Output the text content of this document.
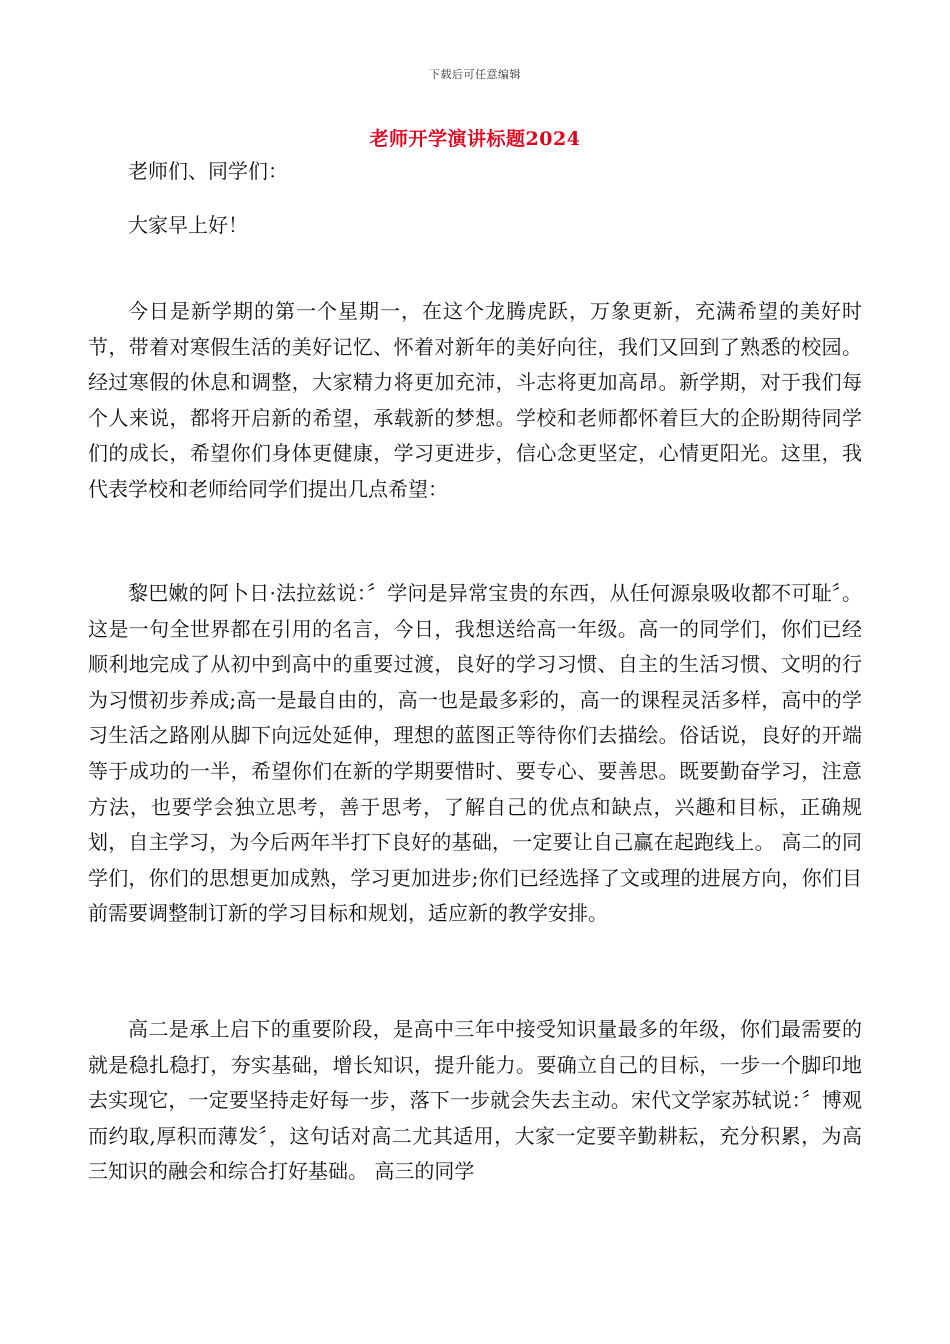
下载后可任意编辑
老师开学演讲标题2024

老师们、同学们：

大家早上好！

今日是新学期的第一个星期一，在这个龙腾虎跃，万象更新，充满希望的美好时节，带着对寒假生活的美好记忆、怀着对新年的美好向往，我们又回到了熟悉的校园。经过寒假的休息和调整，大家精力将更加充沛，斗志将更加高昂。新学期，对于我们每个人来说，都将开启新的希望，承载新的梦想。学校和老师都怀着巨大的企盼期待同学们的成长，希望你们身体更健康，学习更进步，信心念更坚定，心情更阳光。这里，我代表学校和老师给同学们提出几点希望：

黎巴嫩的阿卜日·法拉兹说：〞学问是异常宝贵的东西，从任何源泉吸收都不可耻〞。这是一句全世界都在引用的名言，今日，我想送给高一年级。高一的同学们，你们已经顺利地完成了从初中到高中的重要过渡，良好的学习习惯、自主的生活习惯、文明的行为习惯初步养成;高一是最自由的，高一也是最多彩的，高一的课程灵活多样，高中的学习生活之路刚从脚下向远处延伸，理想的蓝图正等待你们去描绘。俗话说，良好的开端等于成功的一半，希望你们在新的学期要惜时、要专心、要善思。既要勤奋学习，注意方法，也要学会独立思考，善于思考，了解自己的优点和缺点，兴趣和目标，正确规划，自主学习，为今后两年半打下良好的基础，一定要让自己赢在起跑线上。 高二的同学们，你们的思想更加成熟，学习更加进步;你们已经选择了文或理的进展方向，你们目前需要调整制订新的学习目标和规划，适应新的教学安排。

高二是承上启下的重要阶段，是高中三年中接受知识量最多的年级，你们最需要的就是稳扎稳打，夯实基础，增长知识，提升能力。要确立自己的目标，一步一个脚印地去实现它，一定要坚持走好每一步，落下一步就会失去主动。宋代文学家苏轼说：〞博观而约取,厚积而薄发〞，这句话对高二尤其适用，大家一定要辛勤耕耘，充分积累，为高三知识的融会和综合打好基础。 高三的同学
